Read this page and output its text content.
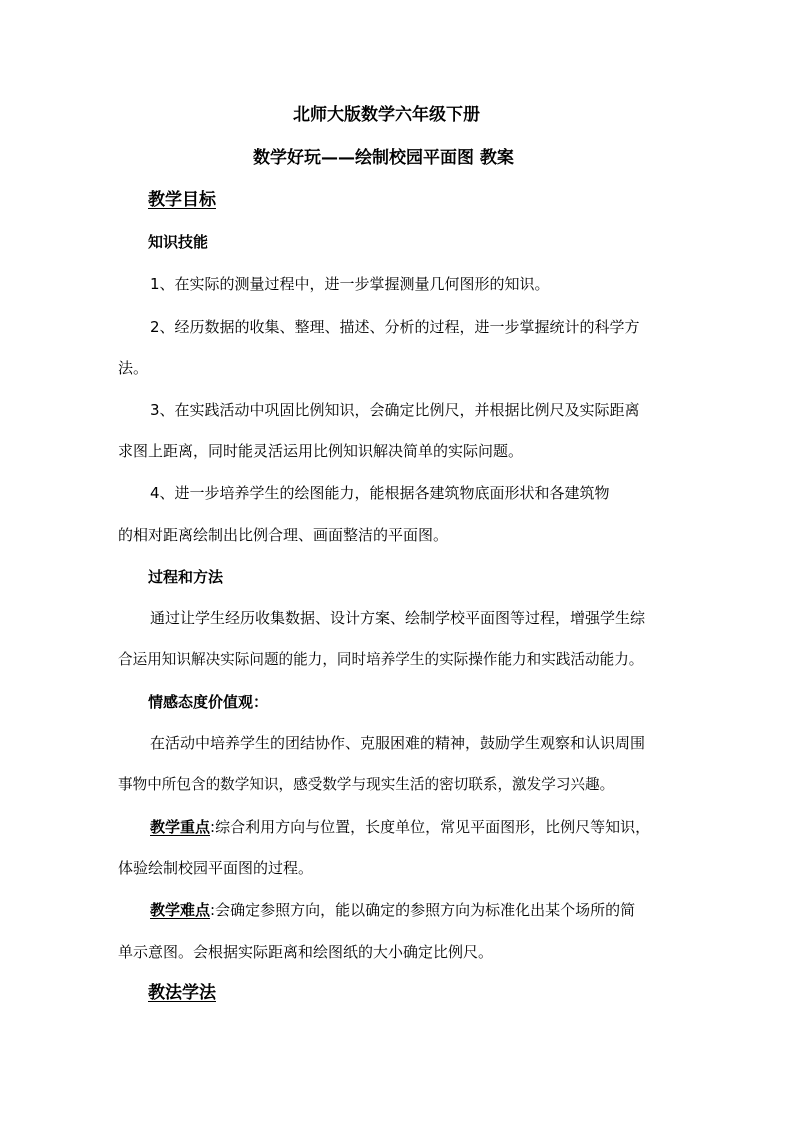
北师大版数学六年级下册
数学好玩——绘制校园平面图 教案
教学目标
知识技能
1、在实际的测量过程中，进一步掌握测量几何图形的知识。
2、经历数据的收集、整理、描述、分析的过程，进一步掌握统计的科学方
法。
3、在实践活动中巩固比例知识，会确定比例尺，并根据比例尺及实际距离
求图上距离，同时能灵活运用比例知识解决简单的实际问题。
4、进一步培养学生的绘图能力，能根据各建筑物底面形状和各建筑物
的相对距离绘制出比例合理、画面整洁的平面图。
过程和方法
通过让学生经历收集数据、设计方案、绘制学校平面图等过程，增强学生综
合运用知识解决实际问题的能力，同时培养学生的实际操作能力和实践活动能力。
情感态度价值观：
在活动中培养学生的团结协作、克服困难的精神，鼓励学生观察和认识周围
事物中所包含的数学知识，感受数学与现实生活的密切联系，激发学习兴趣。
教学重点:综合利用方向与位置，长度单位，常见平面图形，比例尺等知识，
体验绘制校园平面图的过程。
教学难点:会确定参照方向，能以确定的参照方向为标准化出某个场所的简
单示意图。会根据实际距离和绘图纸的大小确定比例尺。
教法学法
